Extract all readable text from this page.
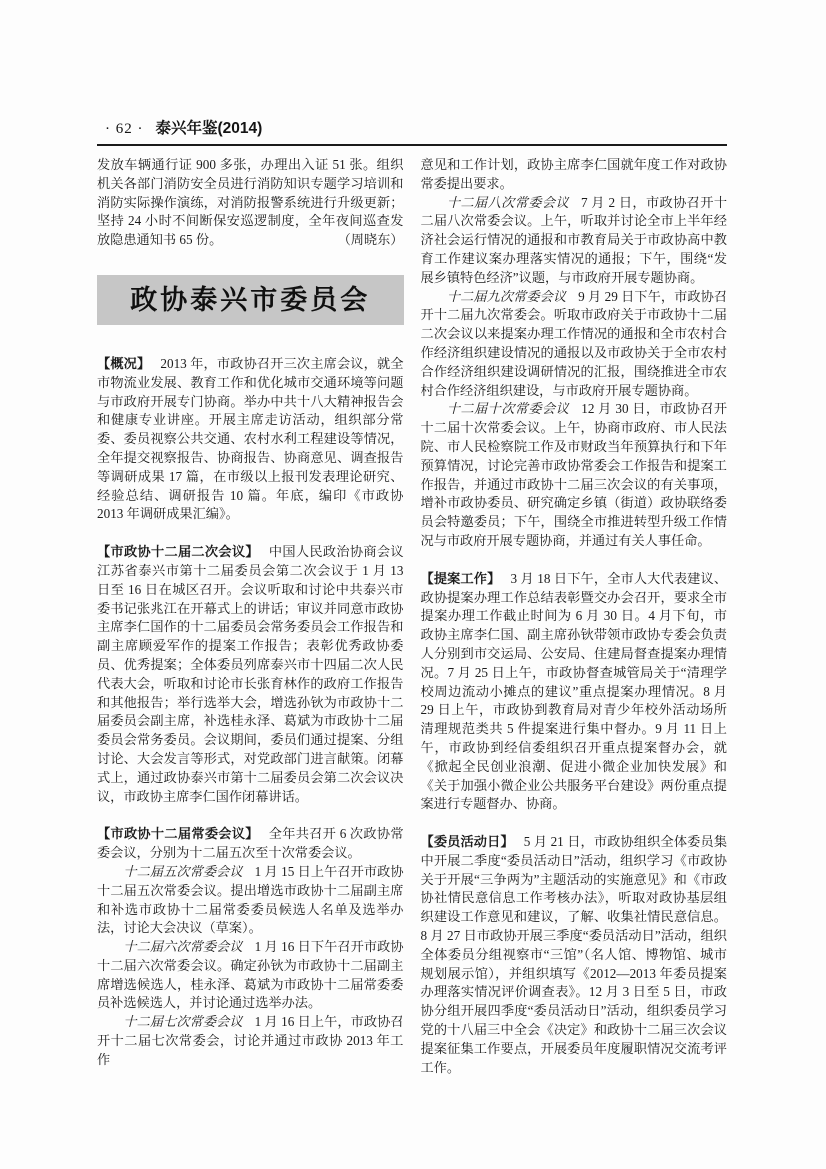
· 62 · 泰兴年鉴(2014)

发放车辆通行证 900 多张，办理出入证 51 张。组织机关各部门消防安全员进行消防知识专题学习培训和消防实际操作演练，对消防报警系统进行升级更新；坚持 24 小时不间断保安巡逻制度，全年夜间巡查发放隐患通知书 65 份。	（周晓东）

政协泰兴市委员会

【概况】 2013 年，市政协召开三次主席会议，就全市物流业发展、教育工作和优化城市交通环境等问题与市政府开展专门协商。举办中共十八大精神报告会和健康专业讲座。开展主席走访活动，组织部分常委、委员视察公共交通、农村水利工程建设等情况，全年提交视察报告、协商报告、协商意见、调查报告等调研成果 17 篇，在市级以上报刊发表理论研究、经验总结、调研报告 10 篇。年底，编印《市政协 2013 年调研成果汇编》。

【市政协十二届二次会议】 中国人民政治协商会议江苏省泰兴市第十二届委员会第二次会议于 1 月 13 日至 16 日在城区召开。会议听取和讨论中共泰兴市委书记张兆江在开幕式上的讲话；审议并同意市政协主席李仁国作的十二届委员会常务委员会工作报告和副主席顾爱军作的提案工作报告；表彰优秀政协委员、优秀提案；全体委员列席泰兴市十四届二次人民代表大会，听取和讨论市长张育林作的政府工作报告和其他报告；举行选举大会，增选孙钬为市政协十二届委员会副主席，补选桂永泽、葛斌为市政协十二届委员会常务委员。会议期间，委员们通过提案、分组讨论、大会发言等形式，对党政部门进言献策。闭幕式上，通过政协泰兴市第十二届委员会第二次会议决议，市政协主席李仁国作闭幕讲话。

【市政协十二届常委会议】 全年共召开 6 次政协常委会议，分别为十二届五次至十次常委会议。

十二届五次常委会议 1 月 15 日上午召开市政协十二届五次常委会议。提出增选市政协十二届副主席和补选市政协十二届常委委员候选人名单及选举办法，讨论大会决议（草案）。

十二届六次常委会议 1 月 16 日下午召开市政协十二届六次常委会议。确定孙钬为市政协十二届副主席增选候选人，桂永泽、葛斌为市政协十二届常委委员补选候选人，并讨论通过选举办法。

十二届七次常委会议 1 月 16 日上午，市政协召开十二届七次常委会，讨论并通过市政协 2013 年工作

意见和工作计划，政协主席李仁国就年度工作对政协常委提出要求。

十二届八次常委会议 7 月 2 日，市政协召开十二届八次常委会议。上午，听取并讨论全市上半年经济社会运行情况的通报和市教育局关于市政协高中教育工作建议案办理落实情况的通报；下午，围绕“发展乡镇特色经济”议题，与市政府开展专题协商。

十二届九次常委会议 9 月 29 日下午，市政协召开十二届九次常委会。听取市政府关于市政协十二届二次会议以来提案办理工作情况的通报和全市农村合作经济组织建设情况的通报以及市政协关于全市农村合作经济组织建设调研情况的汇报，围绕推进全市农村合作经济组织建设，与市政府开展专题协商。

十二届十次常委会议 12 月 30 日，市政协召开十二届十次常委会议。上午，协商市政府、市人民法院、市人民检察院工作及市财政当年预算执行和下年预算情况，讨论完善市政协常委会工作报告和提案工作报告，并通过市政协十二届三次会议的有关事项，增补市政协委员、研究确定乡镇（街道）政协联络委员会特邀委员；下午，围绕全市推进转型升级工作情况与市政府开展专题协商，并通过有关人事任命。

【提案工作】 3 月 18 日下午，全市人大代表建议、政协提案办理工作总结表彰暨交办会召开，要求全市提案办理工作截止时间为 6 月 30 日。4 月下旬，市政协主席李仁国、副主席孙钬带领市政协专委会负责人分别到市交运局、公安局、住建局督查提案办理情况。7 月 25 日上午，市政协督查城管局关于“清理学校周边流动小摊点的建议”重点提案办理情况。8 月 29 日上午，市政协到教育局对青少年校外活动场所清理规范类共 5 件提案进行集中督办。9 月 11 日上午，市政协到经信委组织召开重点提案督办会，就《掀起全民创业浪潮、促进小微企业加快发展》和《关于加强小微企业公共服务平台建设》两份重点提案进行专题督办、协商。

【委员活动日】 5 月 21 日，市政协组织全体委员集中开展二季度“委员活动日”活动，组织学习《市政协关于开展“三争两为”主题活动的实施意见》和《市政协社情民意信息工作考核办法》，听取对政协基层组织建设工作意见和建议，了解、收集社情民意信息。8 月 27 日市政协开展三季度“委员活动日”活动，组织全体委员分组视察市“三馆”（名人馆、博物馆、城市规划展示馆），并组织填写《2012—2013 年委员提案办理落实情况评价调查表》。12 月 3 日至 5 日，市政协分组开展四季度“委员活动日”活动，组织委员学习党的十八届三中全会《决定》和政协十二届三次会议提案征集工作要点，开展委员年度履职情况交流考评工作。
